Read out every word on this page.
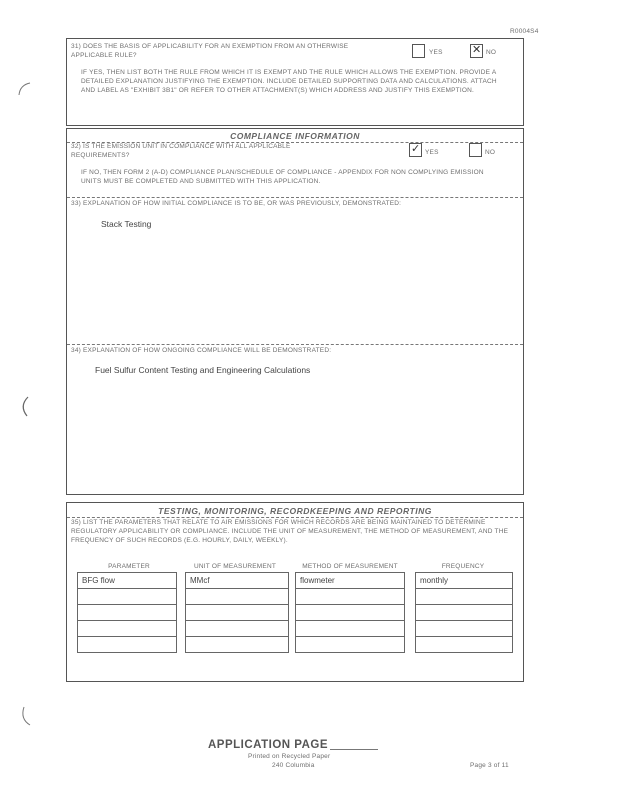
R0004S4
31) DOES THE BASIS OF APPLICABILITY FOR AN EXEMPTION FROM AN OTHERWISE APPLICABLE RULE?	YES	✕ NO
IF YES, THEN LIST BOTH THE RULE FROM WHICH IT IS EXEMPT AND THE RULE WHICH ALLOWS THE EXEMPTION. PROVIDE A DETAILED EXPLANATION JUSTIFYING THE EXEMPTION. INCLUDE DETAILED SUPPORTING DATA AND CALCULATIONS. ATTACH AND LABEL AS "EXHIBIT 3B1" OR REFER TO OTHER ATTACHMENT(S) WHICH ADDRESS AND JUSTIFY THIS EXEMPTION.
COMPLIANCE INFORMATION
32) IS THE EMISSION UNIT IN COMPLIANCE WITH ALL APPLICABLE REQUIREMENTS?
✓ YES	NO
IF NO, THEN FORM 2 (A-D) COMPLIANCE PLAN/SCHEDULE OF COMPLIANCE - APPENDIX FOR NON COMPLYING EMISSION UNITS MUST BE COMPLETED AND SUBMITTED WITH THIS APPLICATION.
33) EXPLANATION OF HOW INITIAL COMPLIANCE IS TO BE, OR WAS PREVIOUSLY, DEMONSTRATED:
Stack Testing
34) EXPLANATION OF HOW ONGOING COMPLIANCE WILL BE DEMONSTRATED:
Fuel Sulfur Content Testing and Engineering Calculations
TESTING, MONITORING, RECORDKEEPING AND REPORTING
35) LIST THE PARAMETERS THAT RELATE TO AIR EMISSIONS FOR WHICH RECORDS ARE BEING MAINTAINED TO DETERMINE REGULATORY APPLICABILITY OR COMPLIANCE. INCLUDE THE UNIT OF MEASUREMENT, THE METHOD OF MEASUREMENT, AND THE FREQUENCY OF SUCH RECORDS (E.G. HOURLY, DAILY, WEEKLY).
PARAMETER	UNIT OF MEASUREMENT	METHOD OF MEASUREMENT	FREQUENCY
BFG flow	MMcf	flowmeter	monthly

APPLICATION PAGE
Printed on Recycled Paper
240 Columbia	Page 3 of 11
